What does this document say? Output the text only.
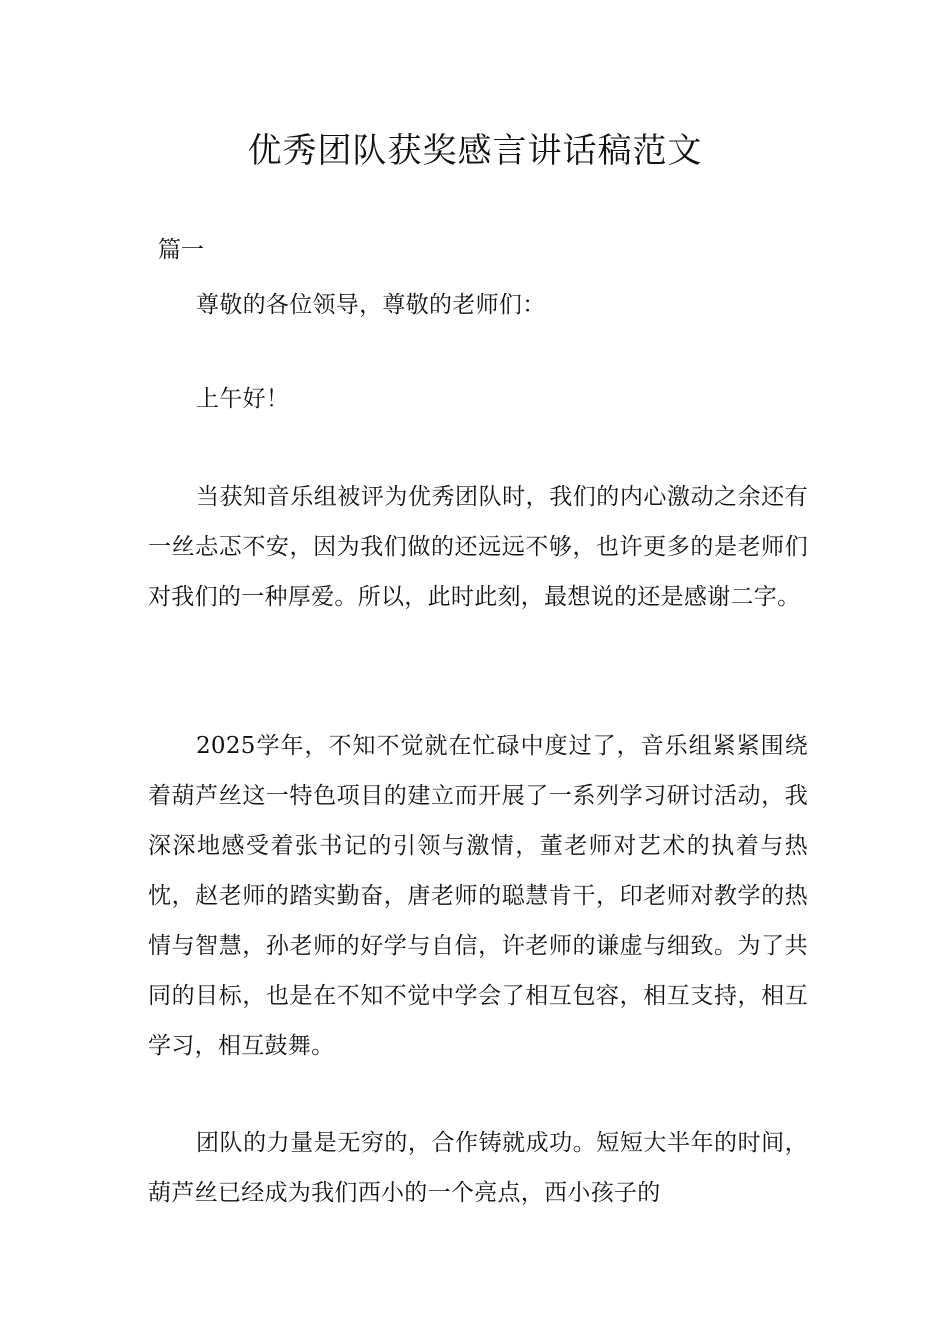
优秀团队获奖感言讲话稿范文
篇一

尊敬的各位领导，尊敬的老师们：

上午好！

当获知音乐组被评为优秀团队时，我们的内心激动之余还有一丝忐忑不安，因为我们做的还远远不够，也许更多的是老师们对我们的一种厚爱。所以，此时此刻，最想说的还是感谢二字。

2025学年，不知不觉就在忙碌中度过了，音乐组紧紧围绕着葫芦丝这一特色项目的建立而开展了一系列学习研讨活动，我深深地感受着张书记的引领与激情，董老师对艺术的执着与热忱，赵老师的踏实勤奋，唐老师的聪慧肯干，印老师对教学的热情与智慧，孙老师的好学与自信，许老师的谦虚与细致。为了共同的目标，也是在不知不觉中学会了相互包容，相互支持，相互学习，相互鼓舞。

团队的力量是无穷的，合作铸就成功。短短大半年的时间，葫芦丝已经成为我们西小的一个亮点，西小孩子的
